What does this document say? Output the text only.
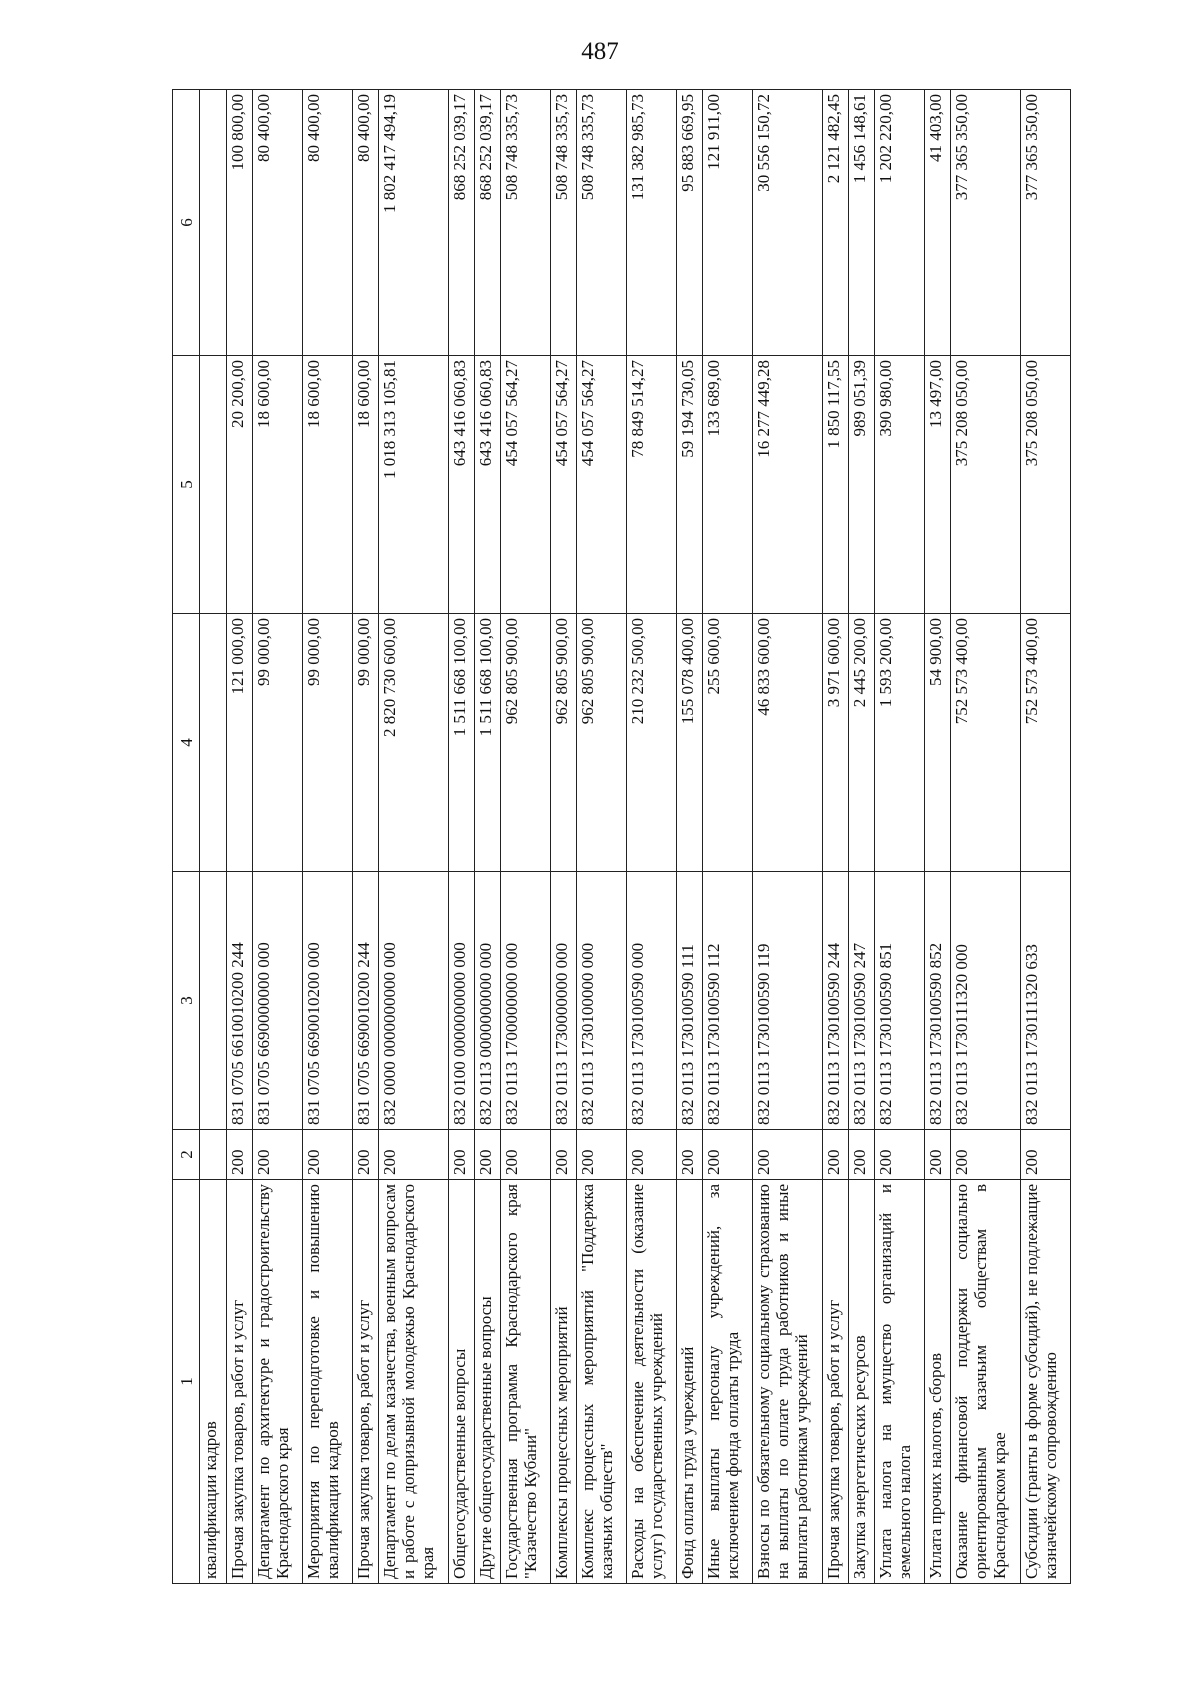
487
1	2	3	4	5	6
квалификации кадров					
Прочая закупка товаров, работ и услуг	200	831 0705 6610010200 244	121 000,00	20 200,00	100 800,00
Департамент по архитектуре и градостроительству Краснодарского края	200	831 0705 6690000000 000	99 000,00	18 600,00	80 400,00
Мероприятия по переподготовке и повышению квалификации кадров	200	831 0705 6690010200 000	99 000,00	18 600,00	80 400,00
Прочая закупка товаров, работ и услуг	200	831 0705 6690010200 244	99 000,00	18 600,00	80 400,00
Департамент по делам казачества, военным вопросам и работе с допризывной молодежью Краснодарского края	200	832 0000 0000000000 000	2 820 730 600,00	1 018 313 105,81	1 802 417 494,19
Общегосударственные вопросы	200	832 0100 0000000000 000	1 511 668 100,00	643 416 060,83	868 252 039,17
Другие общегосударственные вопросы	200	832 0113 0000000000 000	1 511 668 100,00	643 416 060,83	868 252 039,17
Государственная программа Краснодарского края "Казачество Кубани"	200	832 0113 1700000000 000	962 805 900,00	454 057 564,27	508 748 335,73
Комплексы процессных мероприятий	200	832 0113 1730000000 000	962 805 900,00	454 057 564,27	508 748 335,73
Комплекс процессных мероприятий "Поддержка казачьих обществ"	200	832 0113 1730100000 000	962 805 900,00	454 057 564,27	508 748 335,73
Расходы на обеспечение деятельности (оказание услуг) государственных учреждений	200	832 0113 1730100590 000	210 232 500,00	78 849 514,27	131 382 985,73
Фонд оплаты труда учреждений	200	832 0113 1730100590 111	155 078 400,00	59 194 730,05	95 883 669,95
Иные выплаты персоналу учреждений, за исключением фонда оплаты труда	200	832 0113 1730100590 112	255 600,00	133 689,00	121 911,00
Взносы по обязательному социальному страхованию на выплаты по оплате труда работников и иные выплаты работникам учреждений	200	832 0113 1730100590 119	46 833 600,00	16 277 449,28	30 556 150,72
Прочая закупка товаров, работ и услуг	200	832 0113 1730100590 244	3 971 600,00	1 850 117,55	2 121 482,45
Закупка энергетических ресурсов	200	832 0113 1730100590 247	2 445 200,00	989 051,39	1 456 148,61
Уплата налога на имущество организаций и земельного налога	200	832 0113 1730100590 851	1 593 200,00	390 980,00	1 202 220,00
Уплата прочих налогов, сборов	200	832 0113 1730100590 852	54 900,00	13 497,00	41 403,00
Оказание финансовой поддержки социально ориентированным казачьим обществам в Краснодарском крае	200	832 0113 1730111320 000	752 573 400,00	375 208 050,00	377 365 350,00
Субсидии (гранты в форме субсидий), не подлежащие казначейскому сопровождению	200	832 0113 1730111320 633	752 573 400,00	375 208 050,00	377 365 350,00
